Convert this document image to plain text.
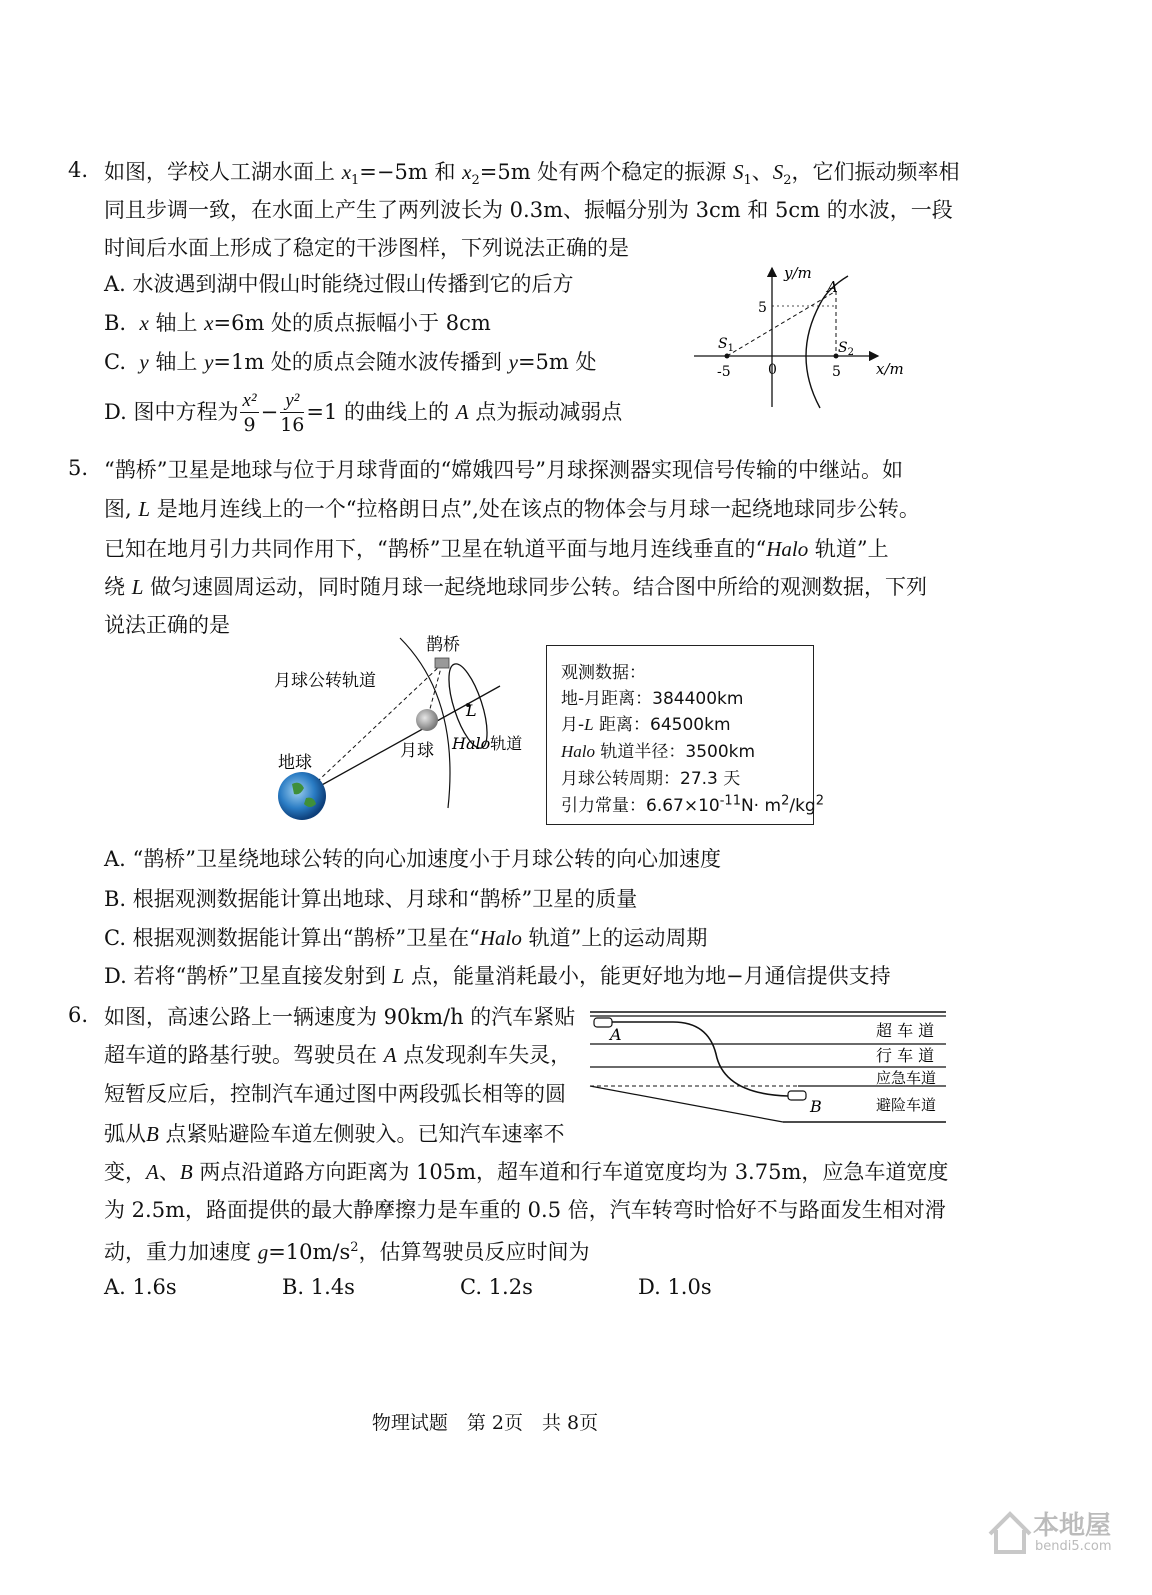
4. 如图，学校人工湖水面上 $x_1=-5m$ 和 $x_2=5m$ 处有两个稳定的振源 $S_1$、$S_2$，它们振动频率相
同且步调一致，在水面上产生了两列波长为 0.3m、振幅分别为 3cm 和 5cm 的水波，一段
时间后水面上形成了稳定的干涉图样，下列说法正确的是
A. 水波遇到湖中假山时能绕过假山传播到它的后方
B. x 轴上 x=6m 处的质点振幅小于 8cm
C. y 轴上 y=1m 处的质点会随水波传播到 y=5m 处
D. 图中方程为 $\frac{\text{x²}}{9} - \frac{\text{y²}}{16} =1$ 的曲线上的 A 点为振动减弱点
y/m
x/m
5
-5	5
0
A
$S_1$	$S_2$
5. “鹊桥”卫星是地球与位于月球背面的“嫦娥四号”月球探测器实现信号传输的中继站。如
图, L 是地月连线上的一个“拉格朗日点”,处在该点的物体会与月球一起绕地球同步公转。
已知在地月引力共同作用下，“鹊桥”卫星在轨道平面与地月连线垂直的“Halo 轨道”上
绕 L 做匀速圆周运动，同时随月球一起绕地球同步公转。结合图中所给的观测数据，下列
说法正确的是
鹊桥
月球公转轨道
L
Halo轨道
月球
地球
观测数据：
地-月距离：384400km
月-L 距离：64500km
Halo 轨道半径：3500km
月球公转周期：27.3 天
引力常量：$6.67\times 10^{-11}N\cdot m^2/kg^2$
A. “鹊桥”卫星绕地球公转的向心加速度小于月球公转的向心加速度
B. 根据观测数据能计算出地球、月球和“鹊桥”卫星的质量
C. 根据观测数据能计算出“鹊桥”卫星在“Halo 轨道”上的运动周期
D. 若将“鹊桥”卫星直接发射到 L 点，能量消耗最小，能更好地为地−月通信提供支持
6. 如图，高速公路上一辆速度为 90km/h 的汽车紧贴
超车道的路基行驶。驾驶员在 A 点发现刹车失灵，
短暂反应后，控制汽车通过图中两段弧长相等的圆
弧从B 点紧贴避险车道左侧驶入。已知汽车速率不
变，A、B 两点沿道路方向距离为 105m，超车道和行车道宽度均为 3.75m，应急车道宽度
为 2.5m，路面提供的最大静摩擦力是车重的 0.5 倍，汽车转弯时恰好不与路面发生相对滑
动，重力加速度 $g=10m/s^2$，估算驾驶员反应时间为
A
B
超 车 道
行 车 道
应急车道
避险车道
A. 1.6s	B. 1.4s	C. 1.2s	D. 1.0s
物理试题　第 2页　共 8页
本地屋
bendi5.com
